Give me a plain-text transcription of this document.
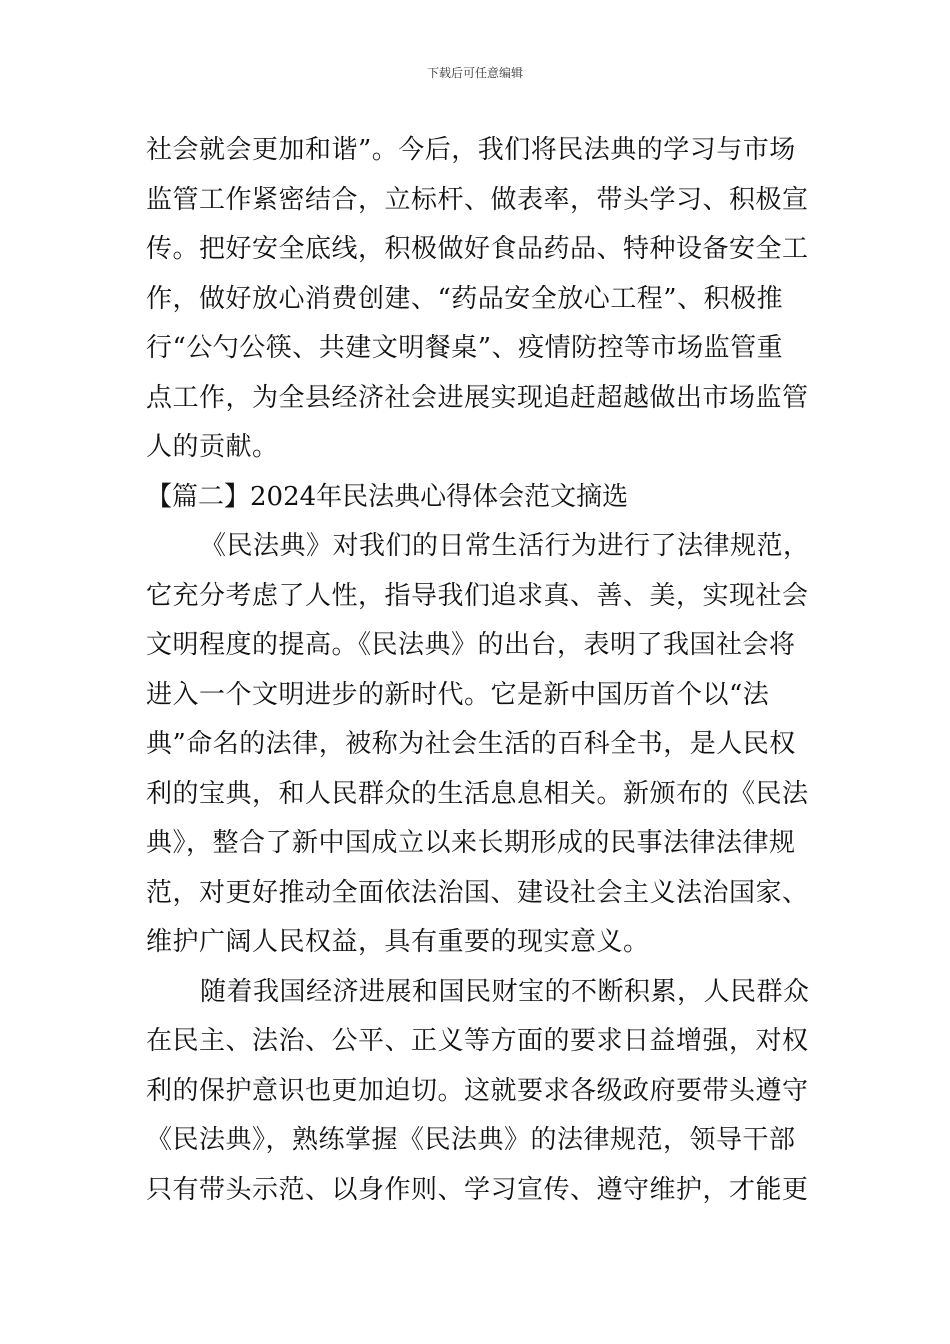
下载后可任意编辑
社会就会更加和谐”。今后，我们将民法典的学习与市场
监管工作紧密结合，立标杆、做表率，带头学习、积极宣
传。把好安全底线，积极做好食品药品、特种设备安全工
作，做好放心消费创建、“药品安全放心工程”、积极推
行“公勺公筷、共建文明餐桌”、疫情防控等市场监管重
点工作，为全县经济社会进展实现追赶超越做出市场监管
人的贡献。
【篇二】2024年民法典心得体会范文摘选
《民法典》对我们的日常生活行为进行了法律规范，
它充分考虑了人性，指导我们追求真、善、美，实现社会
文明程度的提高。《民法典》的出台，表明了我国社会将
进入一个文明进步的新时代。它是新中国历首个以“法
典”命名的法律，被称为社会生活的百科全书，是人民权
利的宝典，和人民群众的生活息息相关。新颁布的《民法
典》，整合了新中国成立以来长期形成的民事法律法律规
范，对更好推动全面依法治国、建设社会主义法治国家、
维护广阔人民权益，具有重要的现实意义。
随着我国经济进展和国民财宝的不断积累，人民群众
在民主、法治、公平、正义等方面的要求日益增强，对权
利的保护意识也更加迫切。这就要求各级政府要带头遵守
《民法典》，熟练掌握《民法典》的法律规范，领导干部
只有带头示范、以身作则、学习宣传、遵守维护，才能更
